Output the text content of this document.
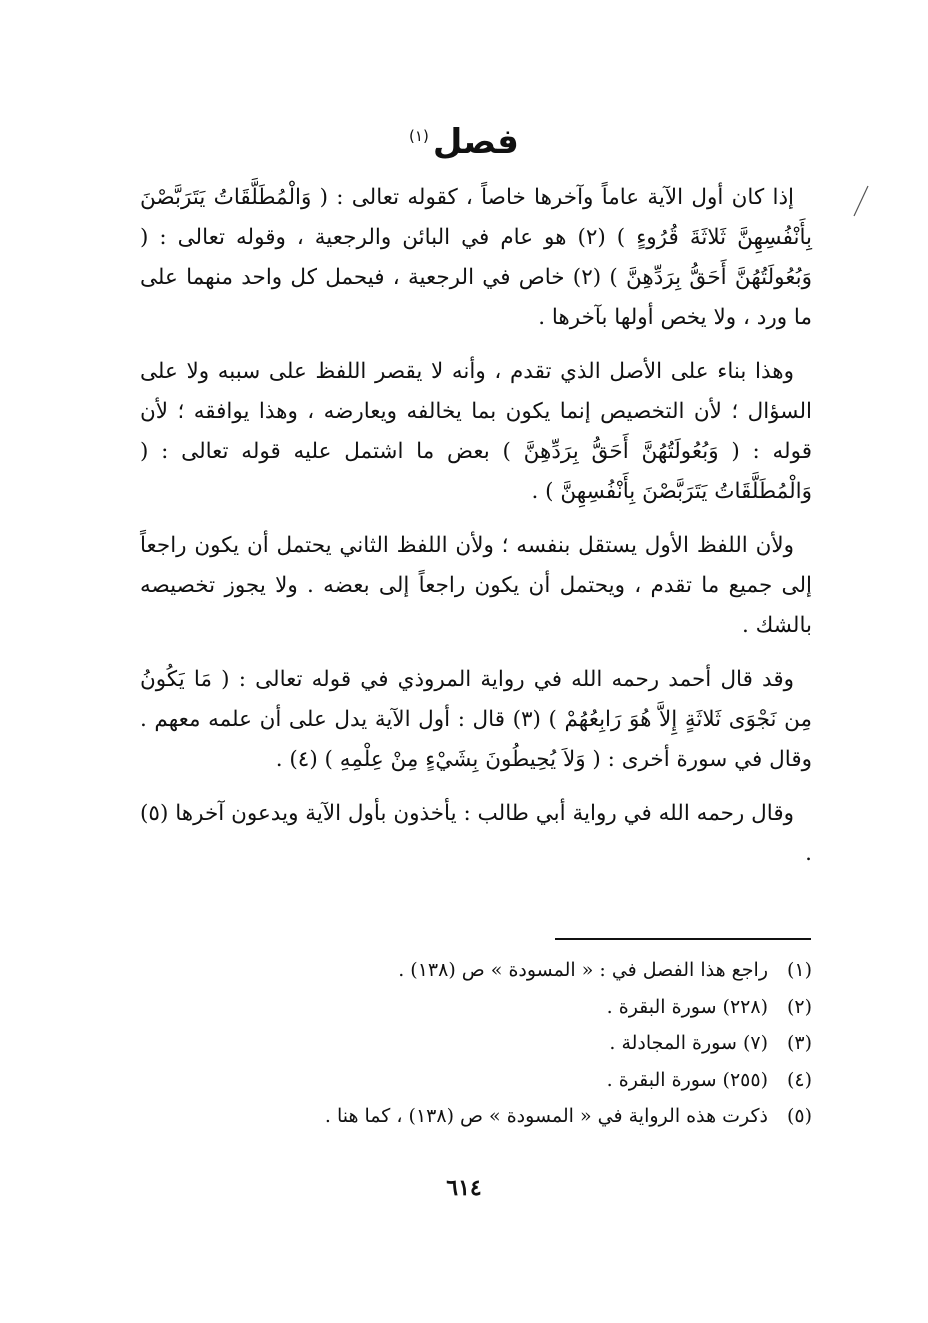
فصل$^{(١)}$

إذا كان أول الآية عاماً وآخرها خاصاً ، كقوله تعالى : ( وَالْمُطَلَّقَاتُ يَتَرَبَّصْنَ بِأَنْفُسِهِنَّ ثَلاثَةَ قُرُوءٍ ) (٢) هو عام في البائن والرجعية ، وقوله تعالى : ( وَبُعُولَتُهُنَّ أَحَقُّ بِرَدِّهِنَّ ) (٢) خاص في الرجعية ، فيحمل كل واحد منهما على ما ورد ، ولا يخص أولها بآخرها .

وهذا بناء على الأصل الذي تقدم ، وأنه لا يقصر اللفظ على سببه ولا على السؤال ؛ لأن التخصيص إنما يكون بما يخالفه ويعارضه ، وهذا يوافقه ؛ لأن قوله : ( وَبُعُولَتُهُنَّ أَحَقُّ بِرَدِّهِنَّ ) بعض ما اشتمل عليه قوله تعالى : ( وَالْمُطَلَّقَاتُ يَتَرَبَّصْنَ بِأَنْفُسِهِنَّ ) .

ولأن اللفظ الأول يستقل بنفسه ؛ ولأن اللفظ الثاني يحتمل أن يكون راجعاً إلى جميع ما تقدم ، ويحتمل أن يكون راجعاً إلى بعضه . ولا يجوز تخصيصه بالشك .

وقد قال أحمد رحمه الله في رواية المروذي في قوله تعالى : ( مَا يَكُونُ مِن نَجْوَى ثَلاثَةٍ إِلاَّ هُوَ رَابِعُهُمْ ) (٣) قال : أول الآية يدل على أن علمه معهم . وقال في سورة أخرى : ( وَلاَ يُحِيطُونَ بِشَيْءٍ مِنْ عِلْمِهِ ) (٤) .

وقال رحمه الله في رواية أبي طالب : يأخذون بأول الآية ويدعون آخرها (٥) .

(١)
راجع هذا الفصل في : « المسودة » ص (١٣٨) .
(٢)
(٢٢٨) سورة البقرة .
(٣)
(٧) سورة المجادلة .
(٤)
(٢٥٥) سورة البقرة .
(٥)
ذكرت هذه الرواية في « المسودة » ص (١٣٨) ، كما هنا .
٦١٤
